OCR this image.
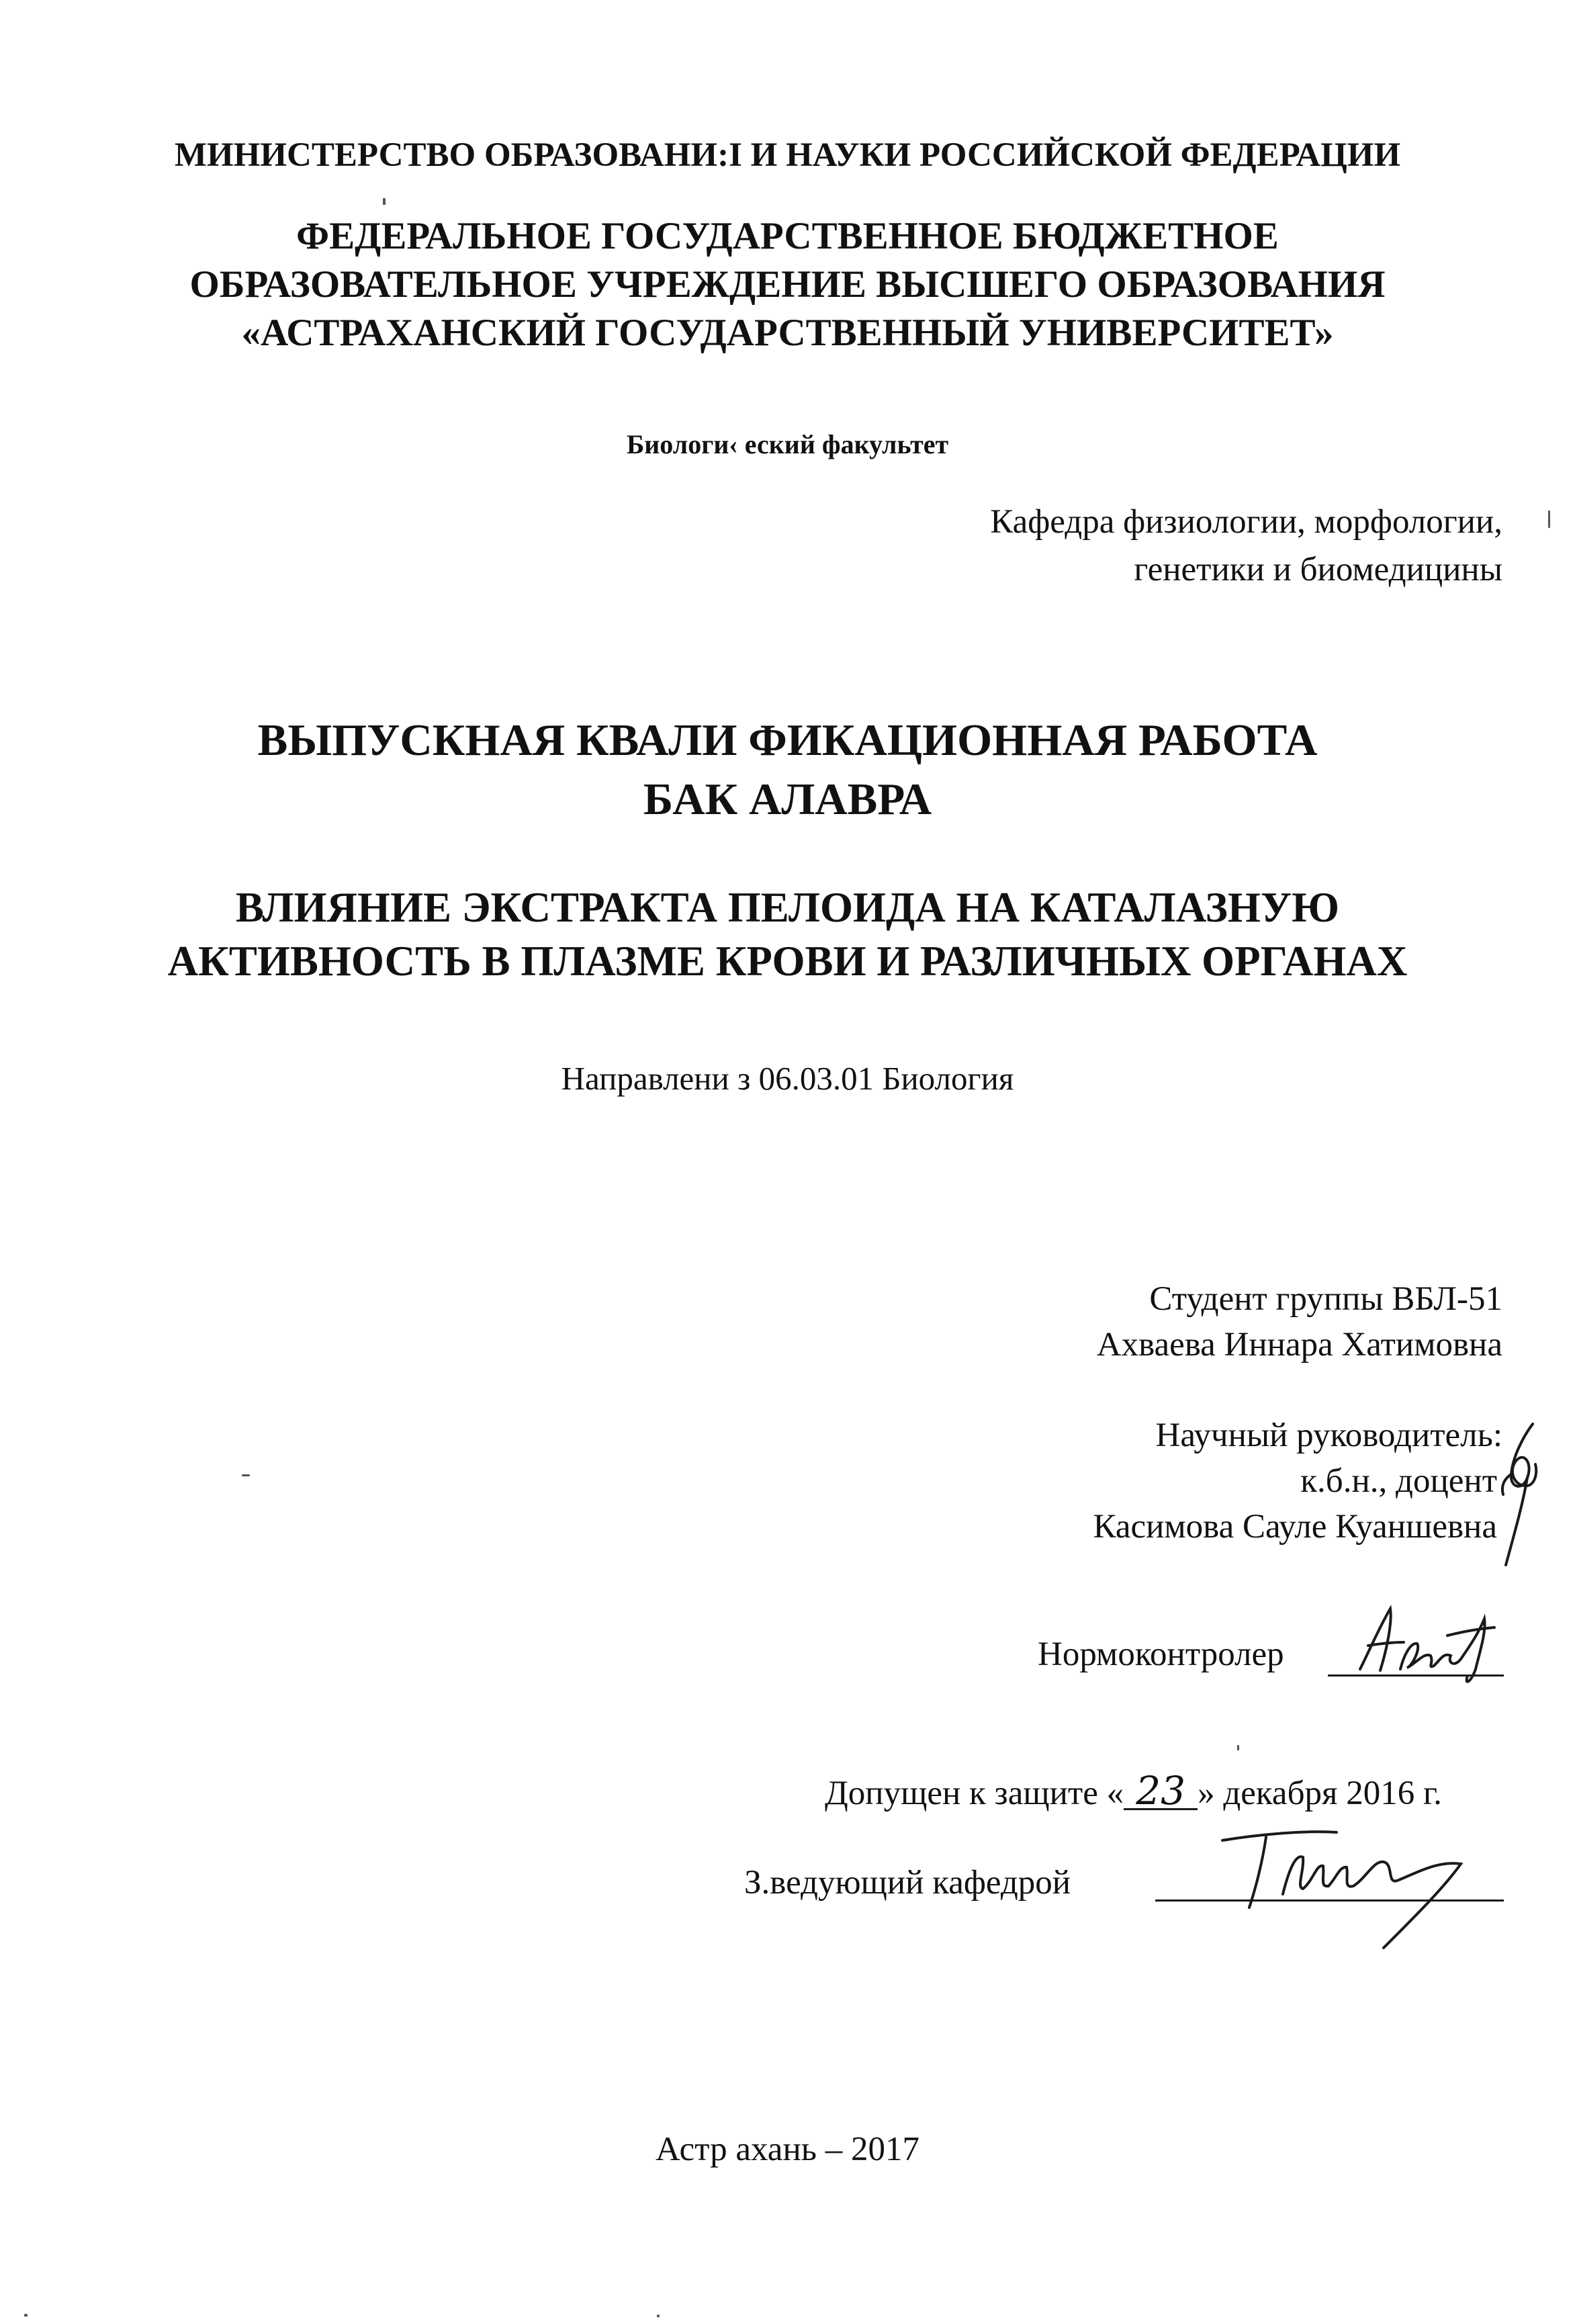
МИНИСТЕРСТВО ОБРАЗОВАНИ:I И НАУКИ РОССИЙСКОЙ ФЕДЕРАЦИИ
ФЕДЕРАЛЬНОЕ ГОСУДАРСТВЕННОЕ БЮДЖЕТНОЕ
ОБРАЗОВАТЕЛЬНОЕ УЧРЕЖДЕНИЕ ВЫСШЕГО ОБРАЗОВАНИЯ
«АСТРАХАНСКИЙ ГОСУДАРСТВЕННЫЙ УНИВЕРСИТЕТ»
Биологи‹ еский факультет
Кафедра физиологии, морфологии,
генетики и биомедицины
ВЫПУСКНАЯ КВАЛИ ФИКАЦИОННАЯ РАБОТА
БАК АЛАВРА
ВЛИЯНИЕ ЭКСТРАКТА ПЕЛОИДА НА КАТАЛАЗНУЮ
АКТИВНОСТЬ В ПЛАЗМЕ КРОВИ И РАЗЛИЧНЫХ ОРГАНАХ
Направлени з 06.03.01 Биология
Студент группы ВБЛ-51
Ахваева Иннара Хатимовна
Научный руководитель:
к.б.н., доцент
Касимова Сауле Куаншевна
Нормоконтролер
Допущен к защите « 23 » декабря 2016 г.
З.ведующий кафедрой
Астр ахань – 2017
